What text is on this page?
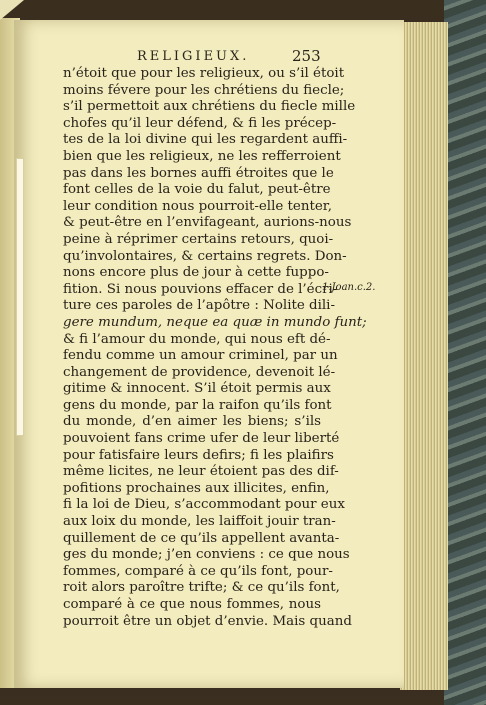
RELIGIEUX.	253
n’étoit que pour les religieux, ou s’il étoit
moins févere pour les chrétiens du fiecle;
s’il permettoit aux chrétiens du fiecle mille
chofes qu’il leur défend, & fi les précep-
tes de la loi divine qui les regardent auffi-
bien que les religieux, ne les refferroient
pas dans les bornes auffi étroites que le
font celles de la voie du falut, peut-être
leur condition nous pourroit-elle tenter,
& peut-être en l’envifageant, aurions-nous
peine à réprimer certains retours, quoi-
qu’involontaires, & certains regrets. Don-
nons encore plus de jour à cette fuppo-
fition. Si nous pouvions effacer de l’écri-
ture ces paroles de l’apôtre : Nolite dili-
gere mundum, neque ea quæ in mundo funt;
& fi l’amour du monde, qui nous eft dé-
fendu comme un amour criminel, par un
changement de providence, devenoit lé-
gitime & innocent. S’il étoit permis aux
gens du monde, par la raifon qu’ils font
du monde, d’en aimer les biens; s’ils
pouvoient fans crime ufer de leur liberté
pour fatisfaire leurs defirs; fi les plaifirs
même licites, ne leur étoient pas des dif-
pofitions prochaines aux illicites, enfin,
fi la loi de Dieu, s’accommodant pour eux
aux loix du monde, les laiffoit jouir tran-
quillement de ce qu’ils appellent avanta-
ges du monde; j’en conviens : ce que nous
fommes, comparé à ce qu’ils font, pour-
roit alors paroître trifte; & ce qu’ils font,
comparé à ce que nous fommes, nous
pourroit être un objet d’envie. Mais quand
1.Joan.c.2.
